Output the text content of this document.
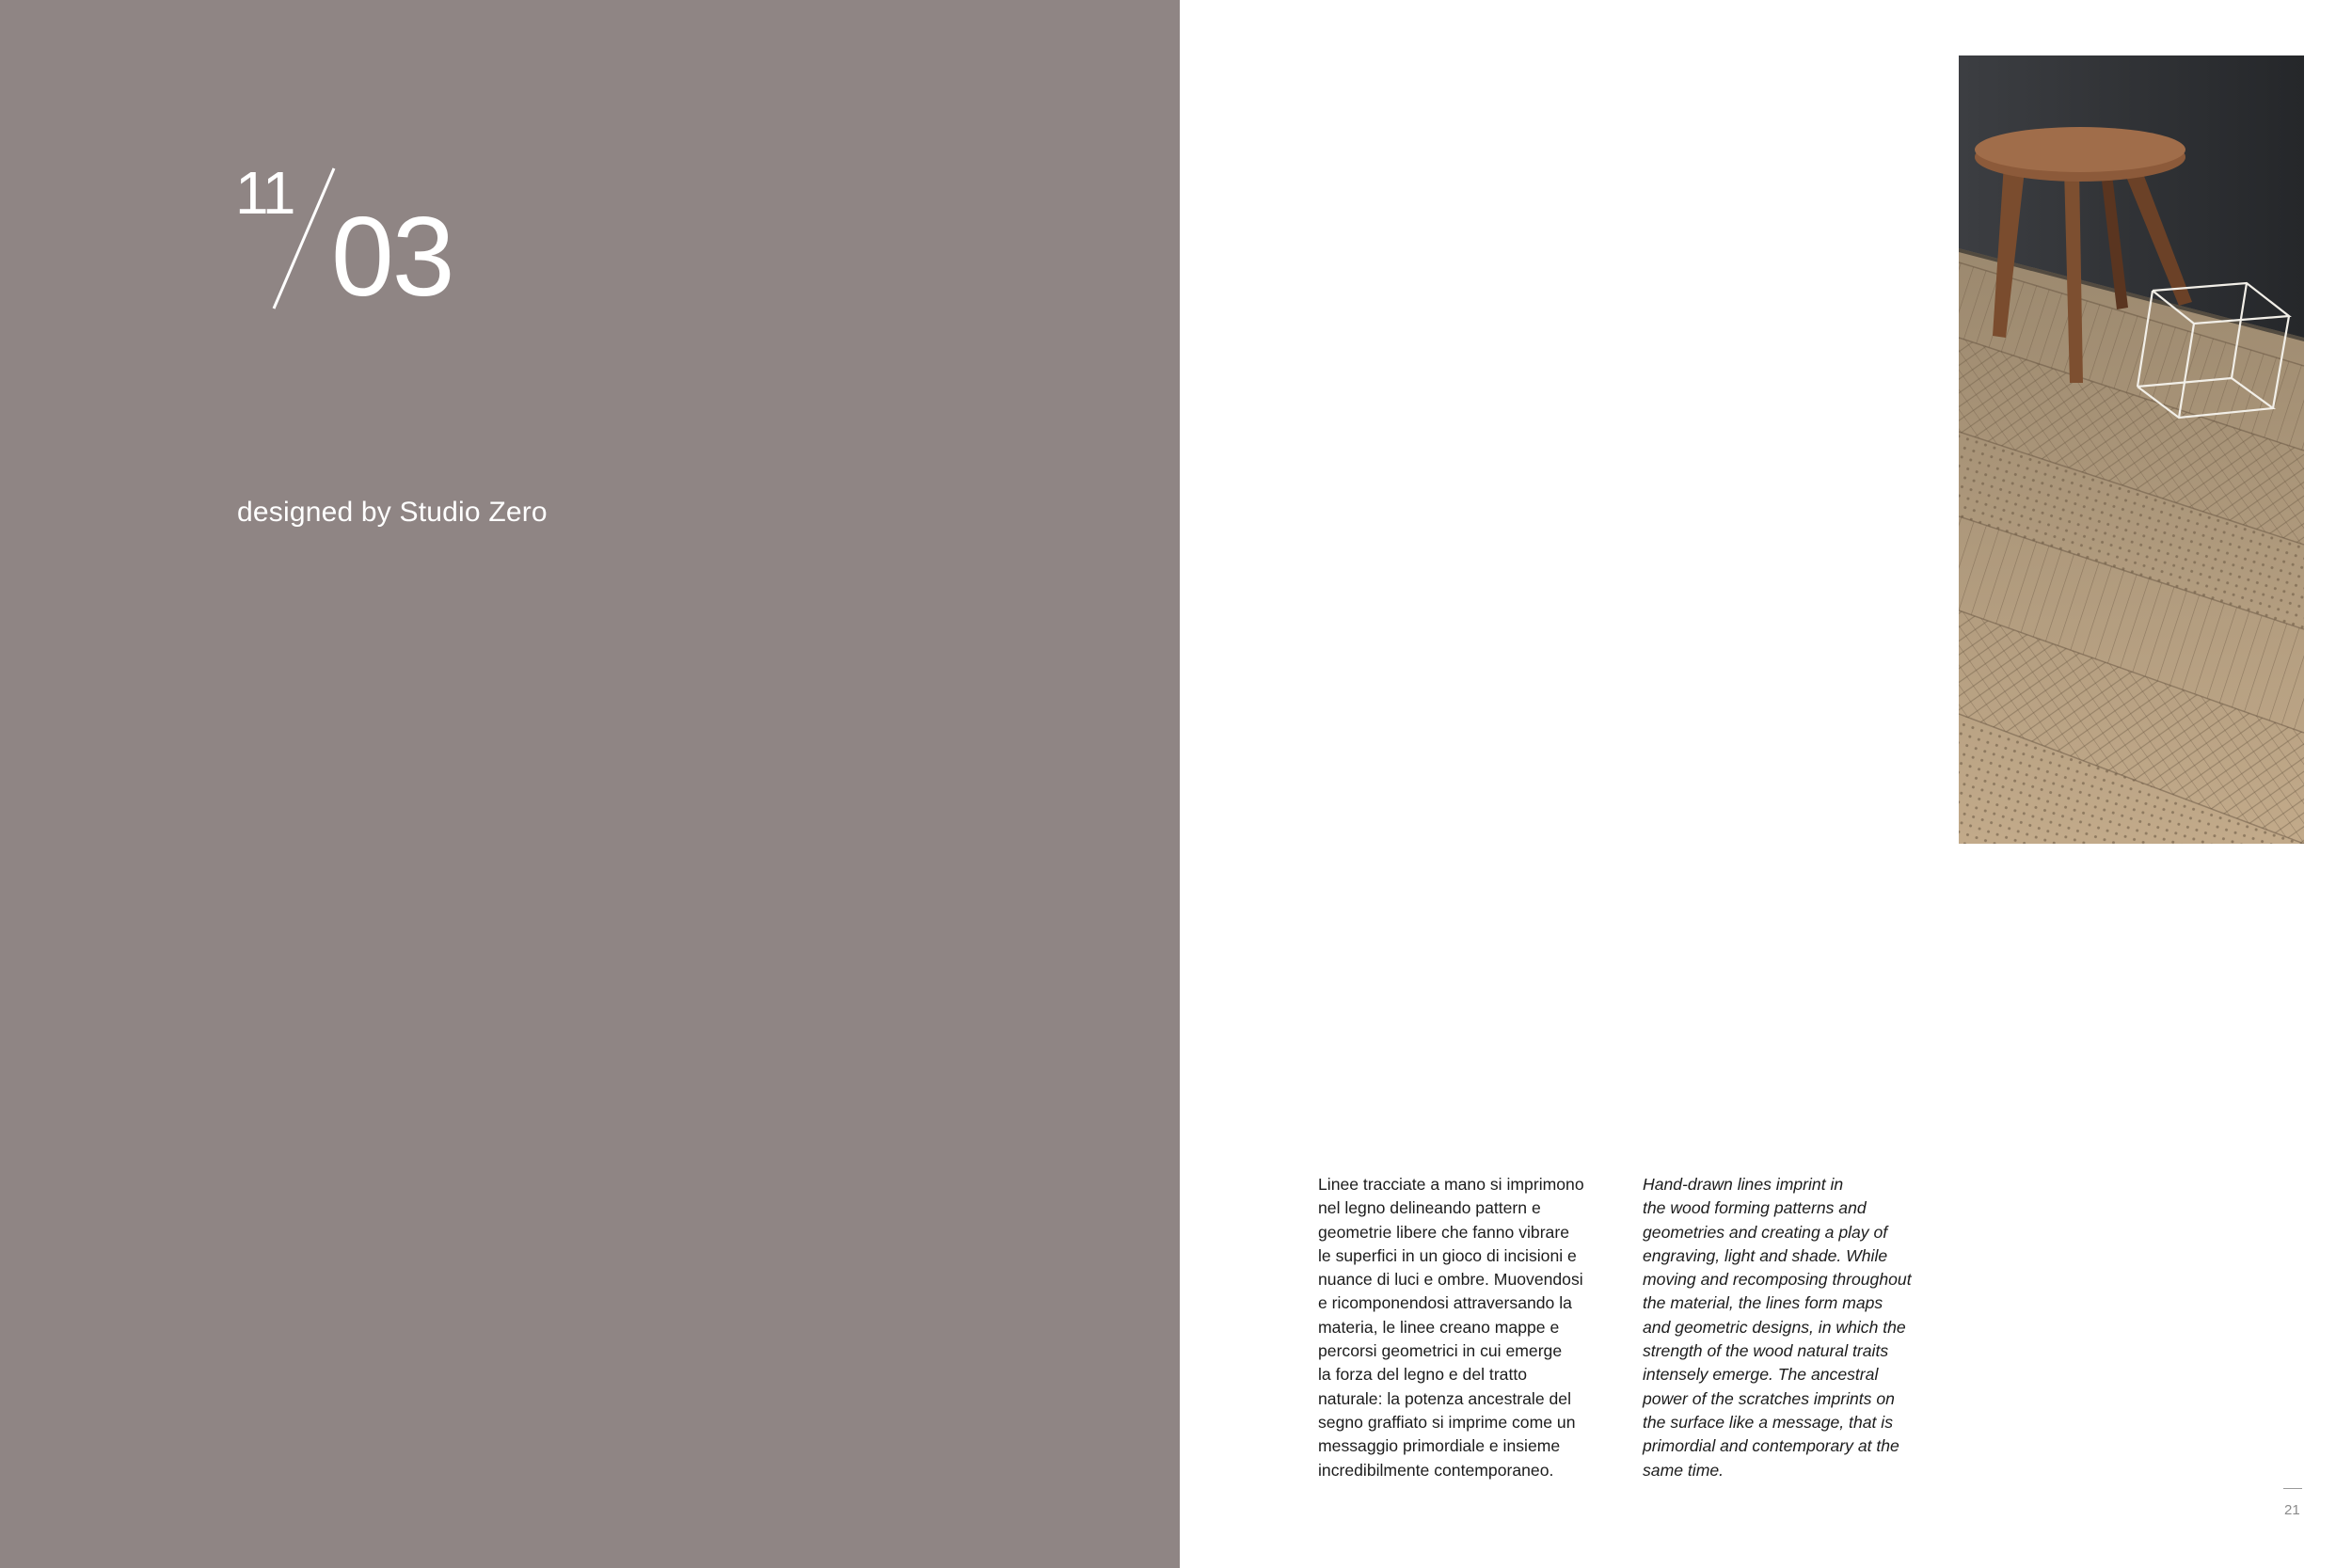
11
03
designed by Studio Zero
Linee tracciate a mano si imprimono
nel legno delineando pattern e
geometrie libere che fanno vibrare
le superfici in un gioco di incisioni e
nuance di luci e ombre. Muovendosi
e ricomponendosi attraversando la
materia, le linee creano mappe e
percorsi geometrici in cui emerge
la forza del legno e del tratto
naturale: la potenza ancestrale del
segno graffiato si imprime come un
messaggio primordiale e insieme
incredibilmente contemporaneo.
Hand-drawn lines imprint in
the wood forming patterns and
geometries and creating a play of
engraving, light and shade. While
moving and recomposing throughout
the material, the lines form maps
and geometric designs, in which the
strength of the wood natural traits
intensely emerge. The ancestral
power of the scratches imprints on
the surface like a message, that is
primordial and contemporary at the
same time.
21
